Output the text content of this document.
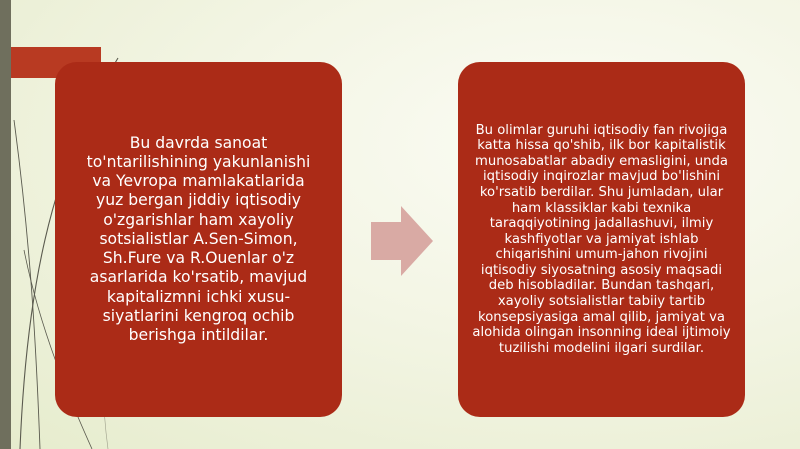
Bu davrda sanoat to'ntarilishining yakunlanishi va Yevropa mamlakatlarida yuz bergan jiddiy iqtisodiy o'zgarishlar ham xayoliy sotsialistlar A.Sen-Simon, Sh.Fure va R.Ouenlar o'z asarlarida ko'rsatib, mavjud kapitalizmni ichki xusu-siyatlarini kengroq ochib berishga intildilar.

Bu olimlar guruhi iqtisodiy fan rivojiga katta hissa qo'shib, ilk bor kapitalistik munosabatlar abadiy emasligini, unda iqtisodiy inqirozlar mavjud bo'lishini ko'rsatib berdilar. Shu jumladan, ular ham klassiklar kabi texnika taraqqiyotining jadallashuvi, ilmiy kashfiyotlar va jamiyat ishlab chiqarishini umum-jahon rivojini iqtisodiy siyosatning asosiy maqsadi deb hisobladilar. Bundan tashqari, xayoliy sotsialistlar tabiiy tartib konsepsiyasiga amal qilib, jamiyat va alohida olingan insonning ideal ijtimoiy tuzilishi modelini ilgari surdilar.
